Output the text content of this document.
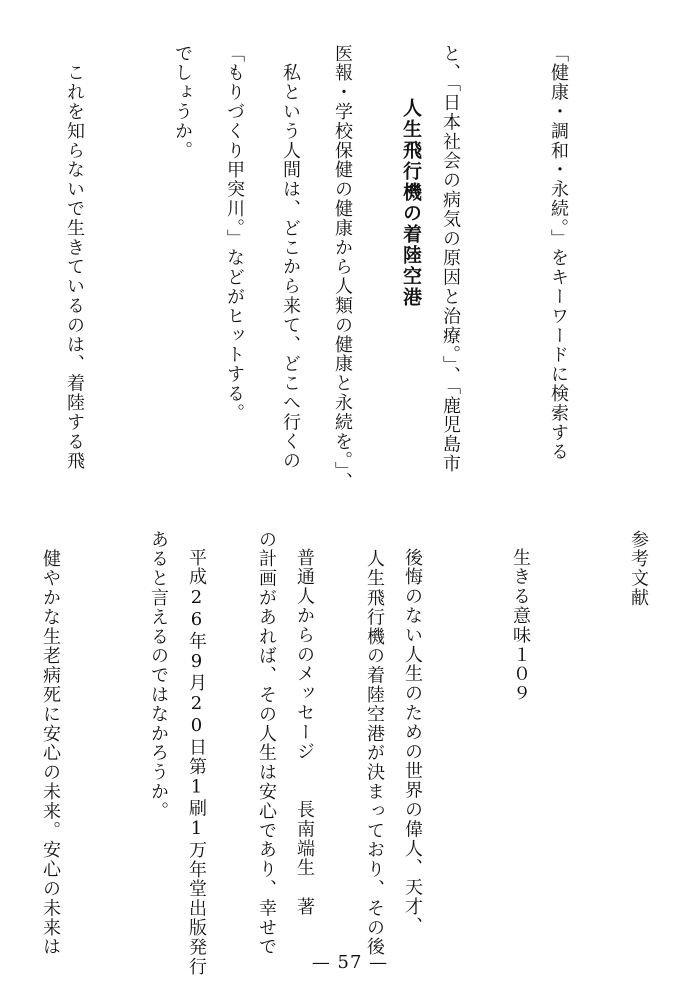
「健康・調和・永続。」をキーワードに検索する

と、「日本社会の病気の原因と治療。」、「鹿児島市

医報・学校保健の健康から人類の健康と永続を。」、

「もりづくり甲突川。」などがヒットする。

	人生飛行機の着陸空港

　私という人間は、どこから来て、どこへ行くの

でしょうか。

　これを知らないで生きているのは、着陸する飛

参考文献

生きる意味１０９

後悔のない人生のための世界の偉人、天才、

普通人からのメッセージ　　長南端生　著

平成26年9月20日第1刷1万年堂出版発行

	　人生飛行機の着陸空港が決まっており、その後

の計画があれば、その人生は安心であり、幸せで

あると言えるのではなかろうか。

　健やかな生老病死に安心の未来。安心の未来は

— 57 —
